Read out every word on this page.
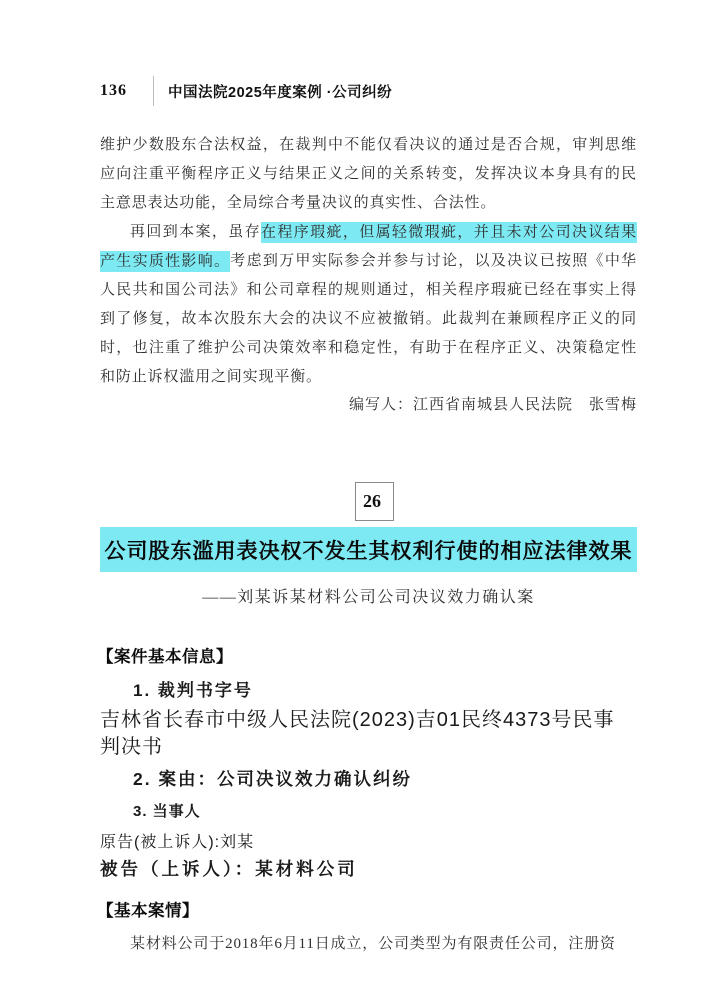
136	中国法院2025年度案例 ·公司纠纷

维护少数股东合法权益，在裁判中不能仅看决议的通过是否合规，审判思维应向注重平衡程序正义与结果正义之间的关系转变，发挥决议本身具有的民主意思表达功能，全局综合考量决议的真实性、合法性。

再回到本案，虽存在程序瑕疵，但属轻微瑕疵，并且未对公司决议结果产生实质性影响。考虑到万甲实际参会并参与讨论，以及决议已按照《中华人民共和国公司法》和公司章程的规则通过，相关程序瑕疵已经在事实上得到了修复，故本次股东大会的决议不应被撤销。此裁判在兼顾程序正义的同时，也注重了维护公司决策效率和稳定性，有助于在程序正义、决策稳定性和防止诉权滥用之间实现平衡。

编写人：江西省南城县人民法院　张雪梅

26
公司股东滥用表决权不发生其权利行使的相应法律效果

——刘某诉某材料公司公司决议效力确认案

【案件基本信息】
1. 裁判书字号
吉林省长春市中级人民法院(2023)吉01民终4373号民事判决书
2. 案由：公司决议效力确认纠纷
3. 当事人
原告(被上诉人):刘某
被告（上诉人）：某材料公司
【基本案情】

某材料公司于2018年6月11日成立，公司类型为有限责任公司，注册资
